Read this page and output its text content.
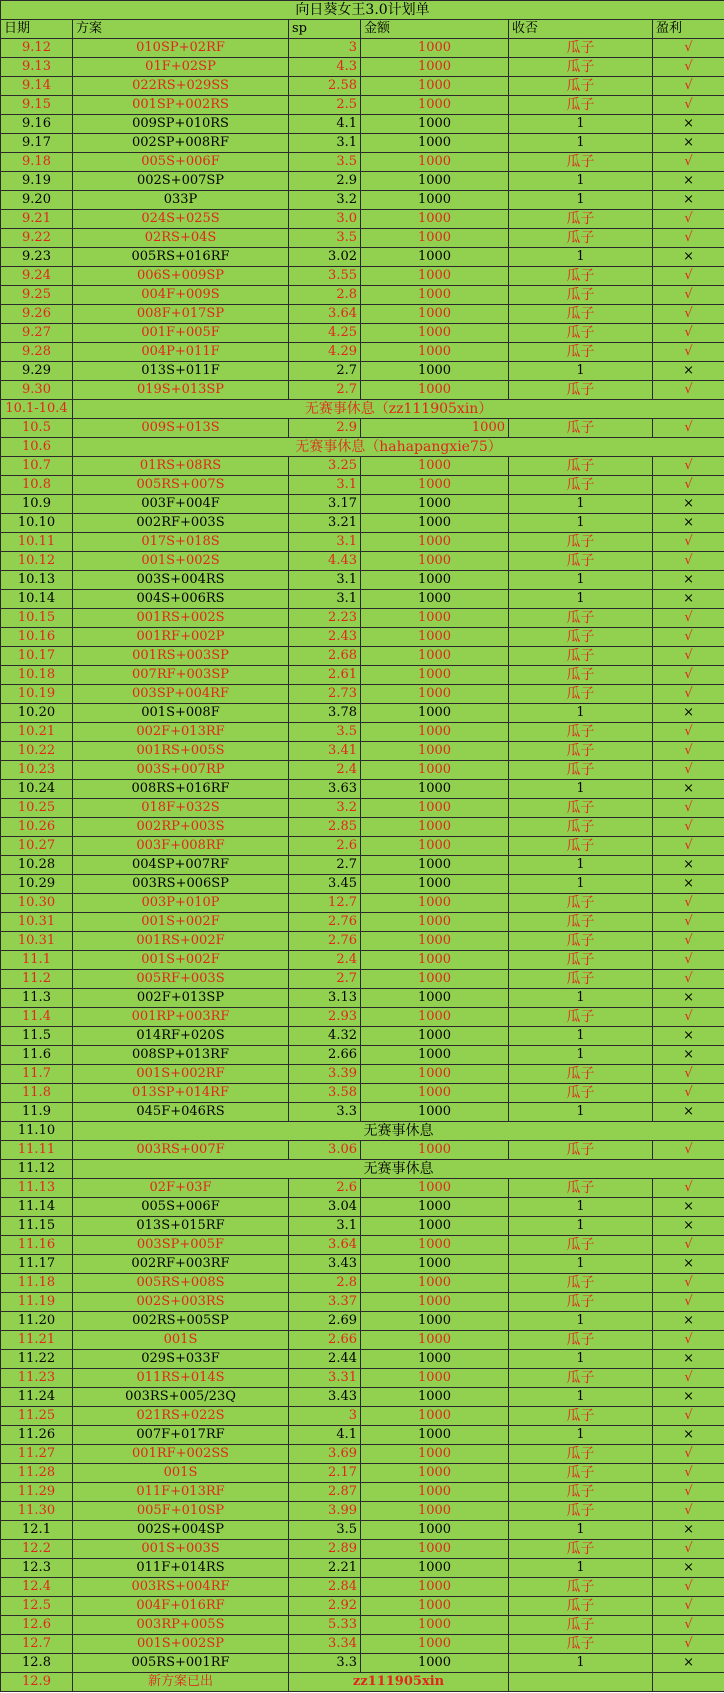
向日葵女王3.0计划单					
日期	方案	sp	金额	收否	盈利
9.12	010SP+02RF	3	1000	瓜子	√
9.13	01F+02SP	4.3	1000	瓜子	√
9.14	022RS+029SS	2.58	1000	瓜子	√
9.15	001SP+002RS	2.5	1000	瓜子	√
9.16	009SP+010RS	4.1	1000	1	×
9.17	002SP+008RF	3.1	1000	1	×
9.18	005S+006F	3.5	1000	瓜子	√
9.19	002S+007SP	2.9	1000	1	×
9.20	033P	3.2	1000	1	×
9.21	024S+025S	3.0	1000	瓜子	√
9.22	02RS+04S	3.5	1000	瓜子	√
9.23	005RS+016RF	3.02	1000	1	×
9.24	006S+009SP	3.55	1000	瓜子	√
9.25	004F+009S	2.8	1000	瓜子	√
9.26	008F+017SP	3.64	1000	瓜子	√
9.27	001F+005F	4.25	1000	瓜子	√
9.28	004P+011F	4.29	1000	瓜子	√
9.29	013S+011F	2.7	1000	1	×
9.30	019S+013SP	2.7	1000	瓜子	√
10.1-10.4	无赛事休息（zz111905xin）				
10.5	009S+013S	2.9	1000	瓜子	√
10.6	无赛事休息（hahapangxie75）				
10.7	01RS+08RS	3.25	1000	瓜子	√
10.8	005RS+007S	3.1	1000	瓜子	√
10.9	003F+004F	3.17	1000	1	×
10.10	002RF+003S	3.21	1000	1	×
10.11	017S+018S	3.1	1000	瓜子	√
10.12	001S+002S	4.43	1000	瓜子	√
10.13	003S+004RS	3.1	1000	1	×
10.14	004S+006RS	3.1	1000	1	×
10.15	001RS+002S	2.23	1000	瓜子	√
10.16	001RF+002P	2.43	1000	瓜子	√
10.17	001RS+003SP	2.68	1000	瓜子	√
10.18	007RF+003SP	2.61	1000	瓜子	√
10.19	003SP+004RF	2.73	1000	瓜子	√
10.20	001S+008F	3.78	1000	1	×
10.21	002F+013RF	3.5	1000	瓜子	√
10.22	001RS+005S	3.41	1000	瓜子	√
10.23	003S+007RP	2.4	1000	瓜子	√
10.24	008RS+016RF	3.63	1000	1	×
10.25	018F+032S	3.2	1000	瓜子	√
10.26	002RP+003S	2.85	1000	瓜子	√
10.27	003F+008RF	2.6	1000	瓜子	√
10.28	004SP+007RF	2.7	1000	1	×
10.29	003RS+006SP	3.45	1000	1	×
10.30	003P+010P	12.7	1000	瓜子	√
10.31	001S+002F	2.76	1000	瓜子	√
10.31	001RS+002F	2.76	1000	瓜子	√
11.1	001S+002F	2.4	1000	瓜子	√
11.2	005RF+003S	2.7	1000	瓜子	√
11.3	002F+013SP	3.13	1000	1	×
11.4	001RP+003RF	2.93	1000	瓜子	√
11.5	014RF+020S	4.32	1000	1	×
11.6	008SP+013RF	2.66	1000	1	×
11.7	001S+002RF	3.39	1000	瓜子	√
11.8	013SP+014RF	3.58	1000	瓜子	√
11.9	045F+046RS	3.3	1000	1	×
11.10	无赛事休息				
11.11	003RS+007F	3.06	1000	瓜子	√
11.12	无赛事休息				
11.13	02F+03F	2.6	1000	瓜子	√
11.14	005S+006F	3.04	1000	1	×
11.15	013S+015RF	3.1	1000	1	×
11.16	003SP+005F	3.64	1000	瓜子	√
11.17	002RF+003RF	3.43	1000	1	×
11.18	005RS+008S	2.8	1000	瓜子	√
11.19	002S+003RS	3.37	1000	瓜子	√
11.20	002RS+005SP	2.69	1000	1	×
11.21	001S	2.66	1000	瓜子	√
11.22	029S+033F	2.44	1000	1	×
11.23	011RS+014S	3.31	1000	瓜子	√
11.24	003RS+005/23Q	3.43	1000	1	×
11.25	021RS+022S	3	1000	瓜子	√
11.26	007F+017RF	4.1	1000	1	×
11.27	001RF+002SS	3.69	1000	瓜子	√
11.28	001S	2.17	1000	瓜子	√
11.29	011F+013RF	2.87	1000	瓜子	√
11.30	005F+010SP	3.99	1000	瓜子	√
12.1	002S+004SP	3.5	1000	1	×
12.2	001S+003S	2.89	1000	瓜子	√
12.3	011F+014RS	2.21	1000	1	×
12.4	003RS+004RF	2.84	1000	瓜子	√
12.5	004F+016RF	2.92	1000	瓜子	√
12.6	003RP+005S	5.33	1000	瓜子	√
12.7	001S+002SP	3.34	1000	瓜子	√
12.8	005RS+001RF	3.3	1000	1	×
12.9	新方案已出	zz111905xin			
